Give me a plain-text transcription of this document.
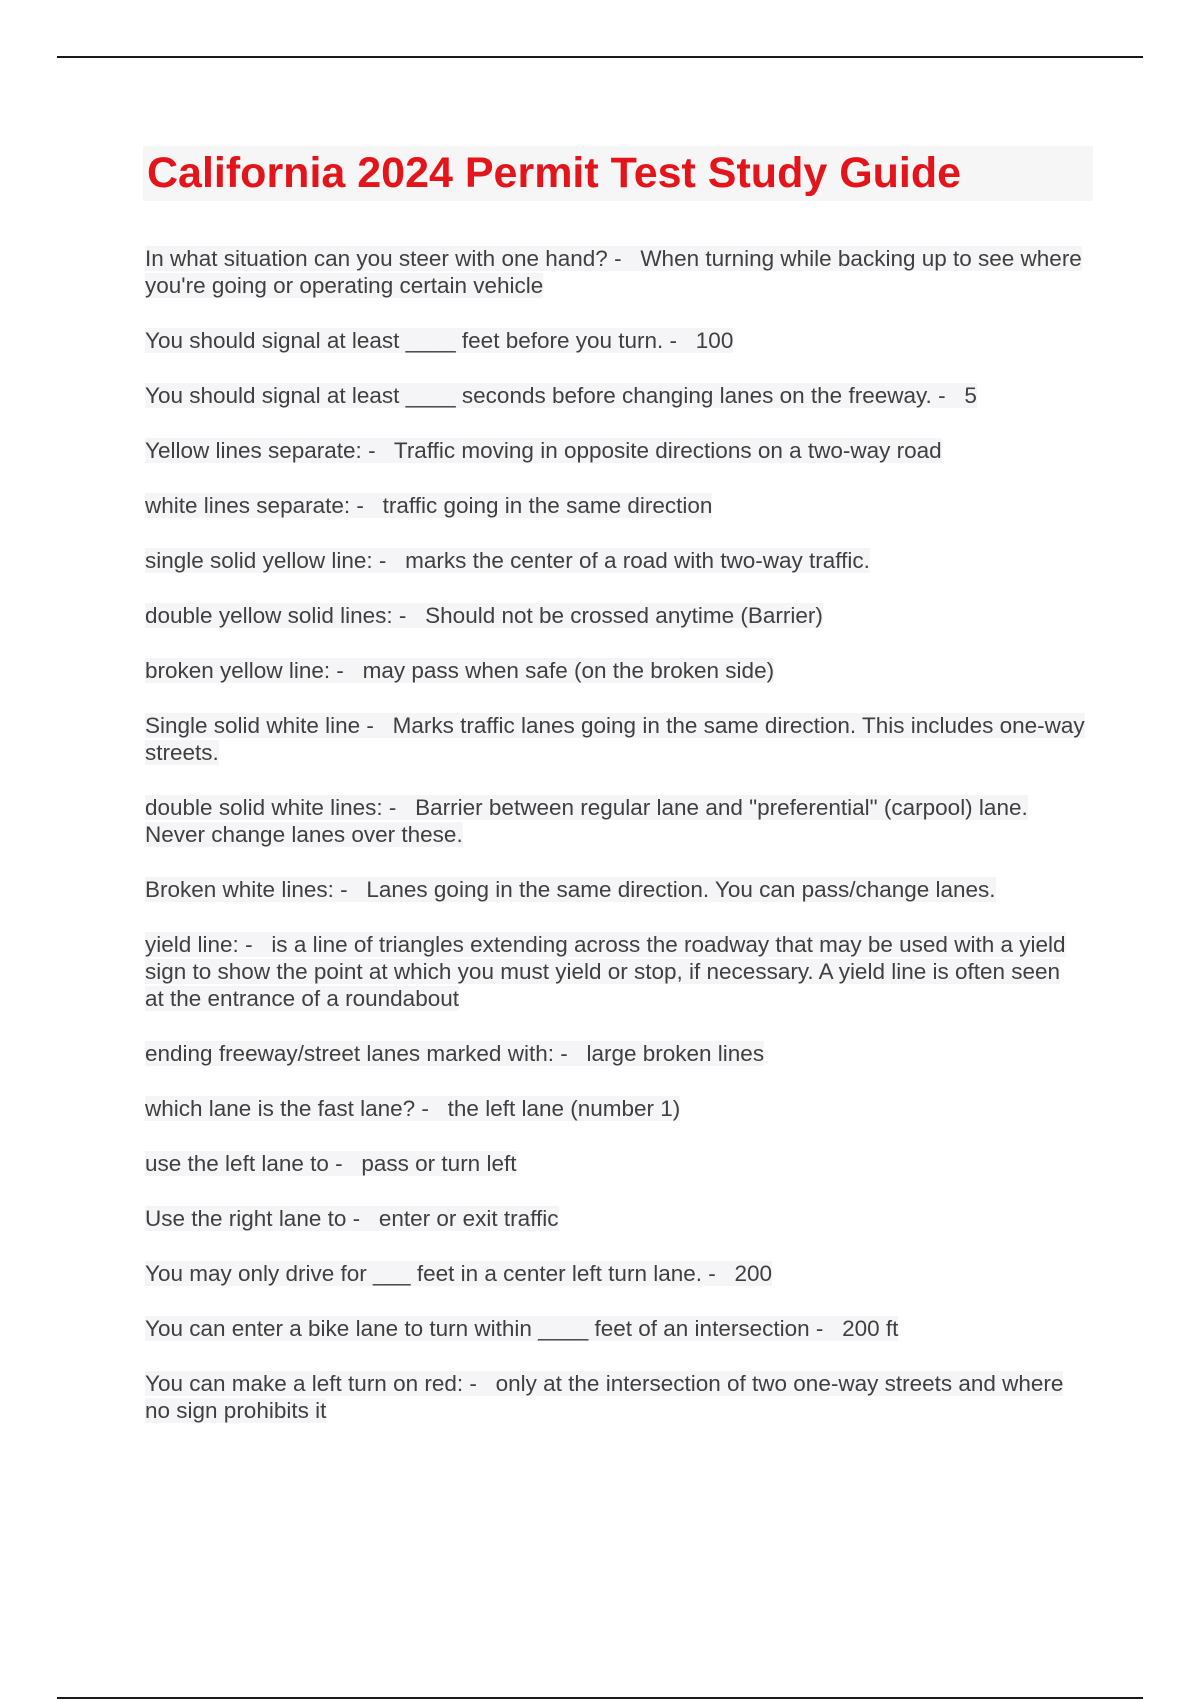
California 2024 Permit Test Study Guide
In what situation can you steer with one hand? -   When turning while backing up to see where you're going or operating certain vehicle
You should signal at least ____ feet before you turn. -   100
You should signal at least ____ seconds before changing lanes on the freeway. -   5
Yellow lines separate: -   Traffic moving in opposite directions on a two-way road
white lines separate: -   traffic going in the same direction
single solid yellow line: -   marks the center of a road with two-way traffic.
double yellow solid lines: -   Should not be crossed anytime (Barrier)
broken yellow line: -   may pass when safe (on the broken side)
Single solid white line -   Marks traffic lanes going in the same direction. This includes one-way streets.
double solid white lines: -   Barrier between regular lane and "preferential" (carpool) lane. Never change lanes over these.
Broken white lines: -   Lanes going in the same direction. You can pass/change lanes.
yield line: -   is a line of triangles extending across the roadway that may be used with a yield sign to show the point at which you must yield or stop, if necessary. A yield line is often seen at the entrance of a roundabout
ending freeway/street lanes marked with: -   large broken lines
which lane is the fast lane? -   the left lane (number 1)
use the left lane to -   pass or turn left
Use the right lane to -   enter or exit traffic
You may only drive for ___ feet in a center left turn lane. -   200
You can enter a bike lane to turn within ____ feet of an intersection -   200 ft
You can make a left turn on red: -   only at the intersection of two one-way streets and where no sign prohibits it
